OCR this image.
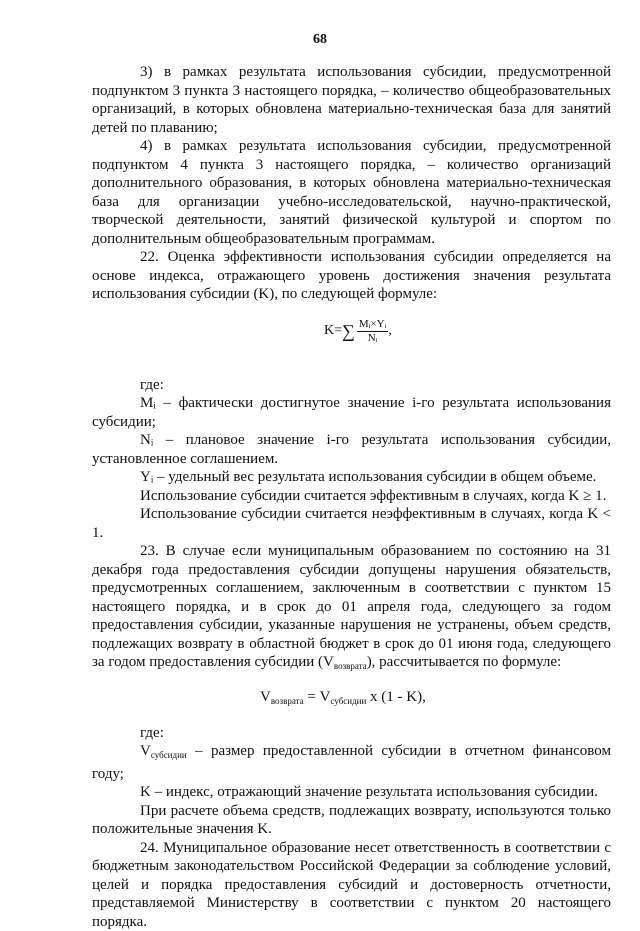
68

3) в рамках результата использования субсидии, предусмотренной подпунктом 3 пункта 3 настоящего порядка, – количество общеобразовательных организаций, в которых обновлена материально-техническая база для занятий детей по плаванию;

4) в рамках результата использования субсидии, предусмотренной подпунктом 4 пункта 3 настоящего порядка, – количество организаций дополнительного образования, в которых обновлена материально-техническая база для организации учебно-исследовательской, научно-практической, творческой деятельности, занятий физической культурой и спортом по дополнительным общеобразовательным программам.

22. Оценка эффективности использования субсидии определяется на основе индекса, отражающего уровень достижения значения результата использования субсидии (K), по следующей формуле:

K= ∑ $\frac{\text{Mᵢ×Yᵢ}}{\text{Nᵢ}}$ ,

где:

Mᵢ – фактически достигнутое значение i-го результата использования субсидии;

Nᵢ – плановое значение i-го результата использования субсидии, установленное соглашением.

Yᵢ – удельный вес результата использования субсидии в общем объеме.

Использование субсидии считается эффективным в случаях, когда K ≥ 1.

Использование субсидии считается неэффективным в случаях, когда K < 1.

23. В случае если муниципальным образованием по состоянию на 31 декабря года предоставления субсидии допущены нарушения обязательств, предусмотренных соглашением, заключенным в соответствии с пунктом 15 настоящего порядка, и в срок до 01 апреля года, следующего за годом предоставления субсидии, указанные нарушения не устранены, объем средств, подлежащих возврату в областной бюджет в срок до 01 июня года, следующего за годом предоставления субсидии $(V_{возврата})$, рассчитывается по формуле:

$V_{возврата} = V_{субсидии}$ x (1 - K),

где:

$V_{субсидии}$ – размер предоставленной субсидии в отчетном финансовом году;

K – индекс, отражающий значение результата использования субсидии.

При расчете объема средств, подлежащих возврату, используются только положительные значения K.

24. Муниципальное образование несет ответственность в соответствии с бюджетным законодательством Российской Федерации за соблюдение условий, целей и порядка предоставления субсидий и достоверность отчетности, представляемой Министерству в соответствии с пунктом 20 настоящего порядка.
